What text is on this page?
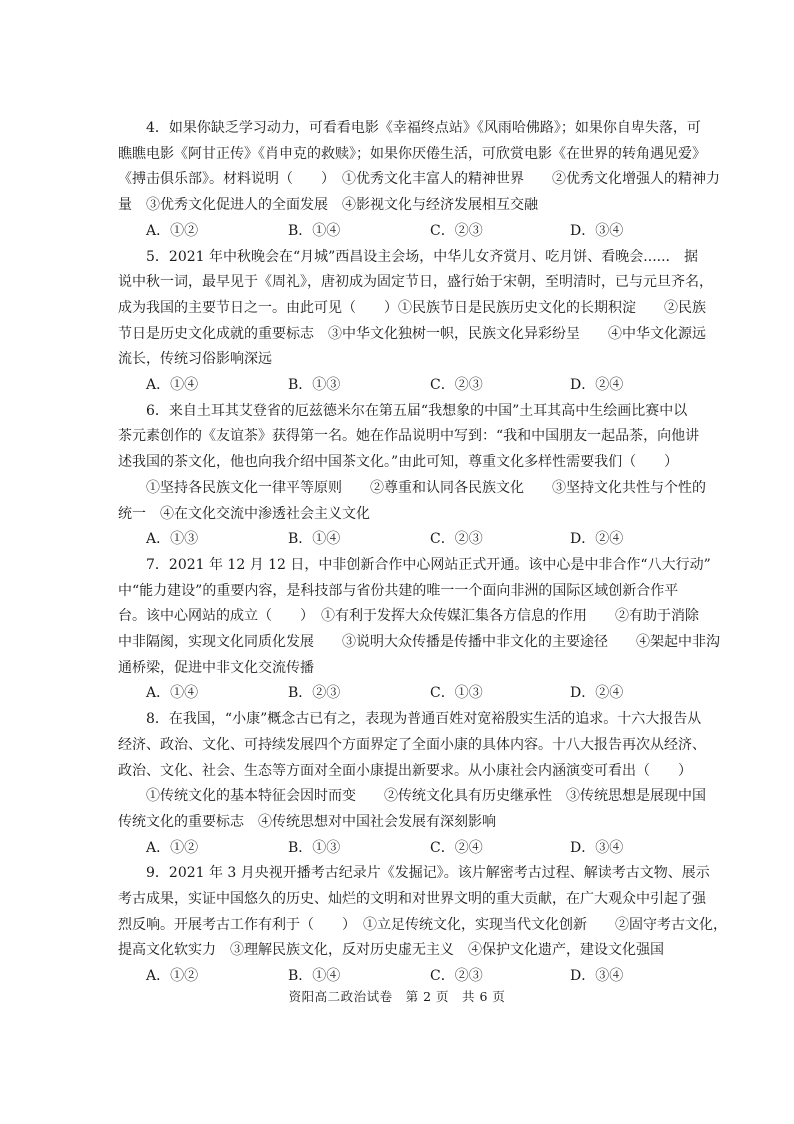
4．如果你缺乏学习动力，可看看电影《幸福终点站》《风雨哈佛路》；如果你自卑失落，可
瞧瞧电影《阿甘正传》《肖申克的救赎》；如果你厌倦生活，可欣赏电影《在世界的转角遇见爱》
《搏击俱乐部》。材料说明（　　）　①优秀文化丰富人的精神世界　　②优秀文化增强人的精神力
量　③优秀文化促进人的全面发展　④影视文化与经济发展相互交融
A．①②	B．①④	C．②③	D．③④
5．2021 年中秋晚会在“月城”西昌设主会场，中华儿女齐赏月、吃月饼、看晚会......　据
说中秋一词，最早见于《周礼》，唐初成为固定节日，盛行始于宋朝，至明清时，已与元旦齐名，
成为我国的主要节日之一。由此可见（　　）①民族节日是民族历史文化的长期积淀　　②民族
节日是历史文化成就的重要标志　③中华文化独树一帜，民族文化异彩纷呈　　④中华文化源远
流长，传统习俗影响深远
A．①④	B．①③	C．②③	D．②④
6．来自土耳其艾登省的厄兹德米尔在第五届“我想象的中国”土耳其高中生绘画比赛中以
茶元素创作的《友谊茶》获得第一名。她在作品说明中写到：“我和中国朋友一起品茶，向他讲
述我国的茶文化，他也向我介绍中国茶文化。”由此可知，尊重文化多样性需要我们（　　）
①坚持各民族文化一律平等原则　　②尊重和认同各民族文化　　③坚持文化共性与个性的
统一　④在文化交流中渗透社会主义文化
A．①③	B．①④	C．②③	D．②④
7．2021 年 12 月 12 日，中非创新合作中心网站正式开通。该中心是中非合作“八大行动”
中“能力建设”的重要内容，是科技部与省份共建的唯一一个面向非洲的国际区域创新合作平
台。该中心网站的成立（　　）　①有利于发挥大众传媒汇集各方信息的作用　　②有助于消除
中非隔阂，实现文化同质化发展　　③说明大众传播是传播中非文化的主要途径　　④架起中非沟
通桥梁，促进中非文化交流传播
A．①④	B．②③	C．①③	D．②④
8．在我国，“小康”概念古已有之，表现为普通百姓对宽裕殷实生活的追求。十六大报告从
经济、政治、文化、可持续发展四个方面界定了全面小康的具体内容。十八大报告再次从经济、
政治、文化、社会、生态等方面对全面小康提出新要求。从小康社会内涵演变可看出（　　）
①传统文化的基本特征会因时而变　　②传统文化具有历史继承性　③传统思想是展现中国
传统文化的重要标志　④传统思想对中国社会发展有深刻影响
A．①②	B．①③	C．②④	D．③④
9．2021 年 3 月央视开播考古纪录片《发掘记》。该片解密考古过程、解读考古文物、展示
考古成果，实证中国悠久的历史、灿烂的文明和对世界文明的重大贡献，在广大观众中引起了强
烈反响。开展考古工作有利于（　　）　①立足传统文化，实现当代文化创新　　②固守考古文化，
提高文化软实力　③理解民族文化，反对历史虚无主义　④保护文化遗产，建设文化强国
A．①②	B．①④	C．②③	D．③④
资阳高二政治试卷　第 2 页　共 6 页
